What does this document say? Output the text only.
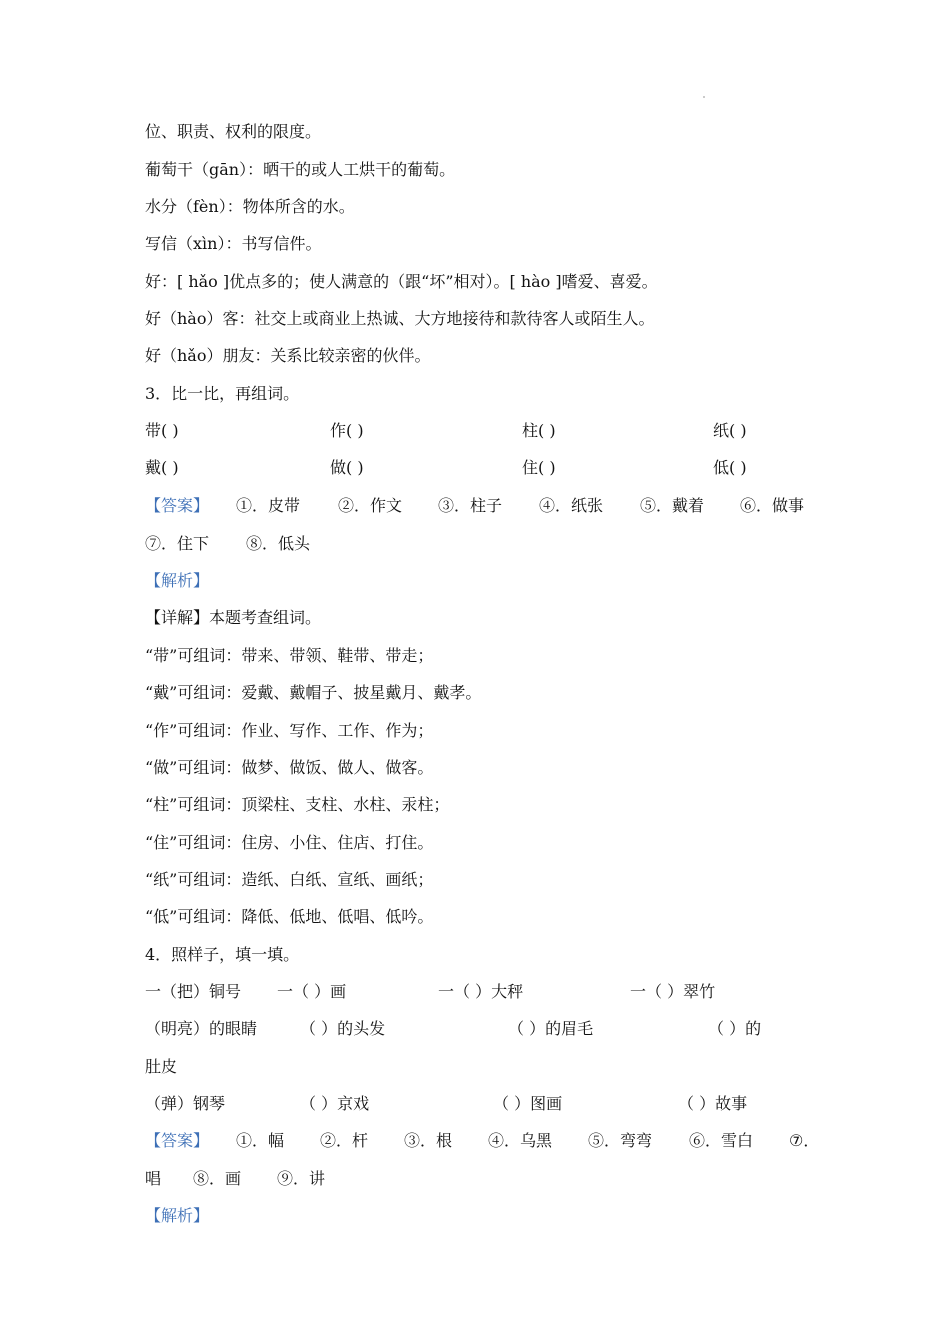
位、职责、权利的限度。
葡萄干（gān）：晒干的或人工烘干的葡萄。
水分（fèn）：物体所含的水。
写信（xìn）：书写信件。
好：[ hǎo ]优点多的；使人满意的（跟“坏”相对）。[ hào ]嗜爱、喜爱。
好（hào）客：社交上或商业上热诚、大方地接待和款待客人或陌生人。
好（hǎo）朋友：关系比较亲密的伙伴。
3．比一比，再组词。
带( )	作( )	柱( )	纸( )
戴( )	做( )	住( )	低( )
【答案】 ①．皮带 ②．作文 ③．柱子 ④．纸张 ⑤．戴着 ⑥．做事
⑦．住下 ⑧．低头
【解析】
【详解】本题考查组词。
“带”可组词：带来、带领、鞋带、带走；
“戴”可组词：爱戴、戴帽子、披星戴月、戴孝。
“作”可组词：作业、写作、工作、作为；
“做”可组词：做梦、做饭、做人、做客。
“柱”可组词：顶梁柱、支柱、水柱、汞柱；
“住”可组词：住房、小住、住店、打住。
“纸”可组词：造纸、白纸、宣纸、画纸；
“低”可组词：降低、低地、低唱、低吟。
4．照样子，填一填。
一（把）铜号 一（ ）画	一（ ）大秤	一（ ）翠竹
（明亮）的眼睛	（ ）的头发	（ ）的眉毛	（ ）的
肚皮
（弹）钢琴	（ ）京戏	（ ）图画	（ ）故事
【答案】 ①．幅 ②．杆 ③．根 ④．乌黑 ⑤．弯弯 ⑥．雪白 ⑦．
唱 ⑧．画 ⑨．讲
【解析】
